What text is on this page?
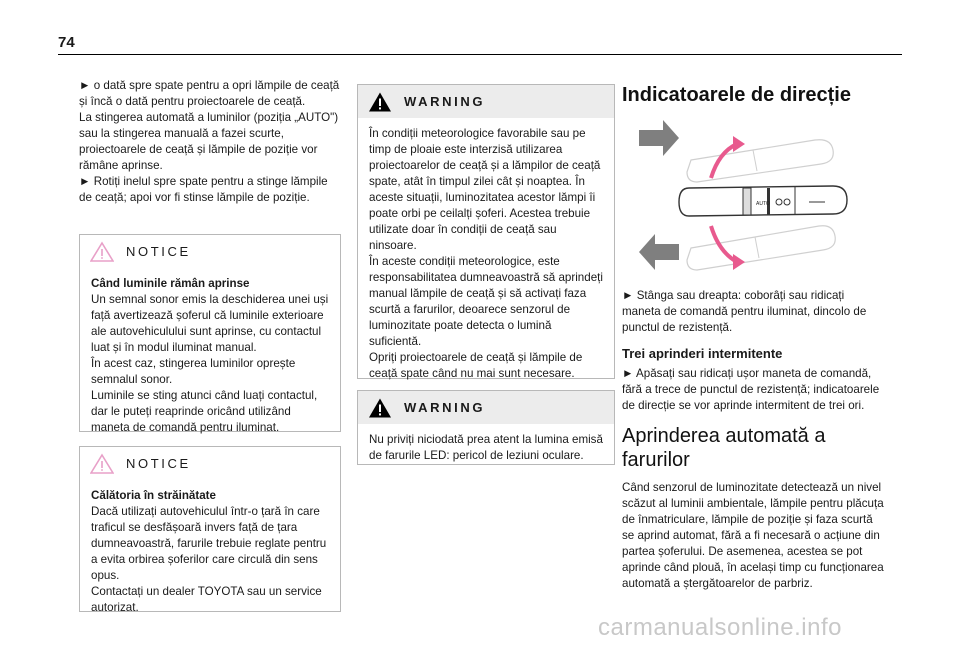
74

► o dată spre spate pentru a opri lămpile de ceață și încă o dată pentru proiectoarele de ceață.

La stingerea automată a luminilor (poziția „AUTO") sau la stingerea manuală a fazei scurte, proiectoarele de ceață și lămpile de poziție vor rămâne aprinse.

► Rotiți inelul spre spate pentru a stinge lămpile de ceață; apoi vor fi stinse lămpile de poziție.

NOTICE

Când luminile rămân aprinse

Un semnal sonor emis la deschiderea unei uși față avertizează șoferul că luminile exterioare ale autovehiculului sunt aprinse, cu contactul luat și în modul iluminat manual.

În acest caz, stingerea luminilor oprește semnalul sonor.

Luminile se sting atunci când luați contactul, dar le puteți reaprinde oricând utilizând maneta de comandă pentru iluminat.

NOTICE

Călătoria în străinătate

Dacă utilizați autovehiculul într-o țară în care traficul se desfășoară invers față de țara dumneavoastră, farurile trebuie reglate pentru a evita orbirea șoferilor care circulă din sens opus.

Contactați un dealer TOYOTA sau un service autorizat.

WARNING

În condiții meteorologice favorabile sau pe timp de ploaie este interzisă utilizarea proiectoarelor de ceață și a lămpilor de ceață spate, atât în timpul zilei cât și noaptea. În aceste situații, luminozitatea acestor lămpi îi poate orbi pe ceilalți șoferi. Acestea trebuie utilizate doar în condiții de ceață sau ninsoare.

În aceste condiții meteorologice, este responsabilitatea dumneavoastră să aprindeți manual lămpile de ceață și să activați faza scurtă a farurilor, deoarece senzorul de luminozitate poate detecta o lumină suficientă.

Opriți proiectoarele de ceață și lămpile de ceață spate când nu mai sunt necesare.

WARNING

Nu priviți niciodată prea atent la lumina emisă de farurile LED: pericol de leziuni oculare.

Indicatoarele de direcție
AUTO

► Stânga sau dreapta: coborâți sau ridicați maneta de comandă pentru iluminat, dincolo de punctul de rezistență.

Trei aprinderi intermitente

► Apăsați sau ridicați ușor maneta de comandă, fără a trece de punctul de rezistență; indicatoarele de direcție se vor aprinde intermitent de trei ori.

Aprinderea automată a farurilor

Când senzorul de luminozitate detectează un nivel scăzut al luminii ambientale, lămpile pentru plăcuța de înmatriculare, lămpile de poziție și faza scurtă se aprind automat, fără a fi necesară o acțiune din partea șoferului. De asemenea, acestea se pot aprinde când plouă, în același timp cu funcționarea automată a ștergătoarelor de parbriz.

carmanualsonline.info
